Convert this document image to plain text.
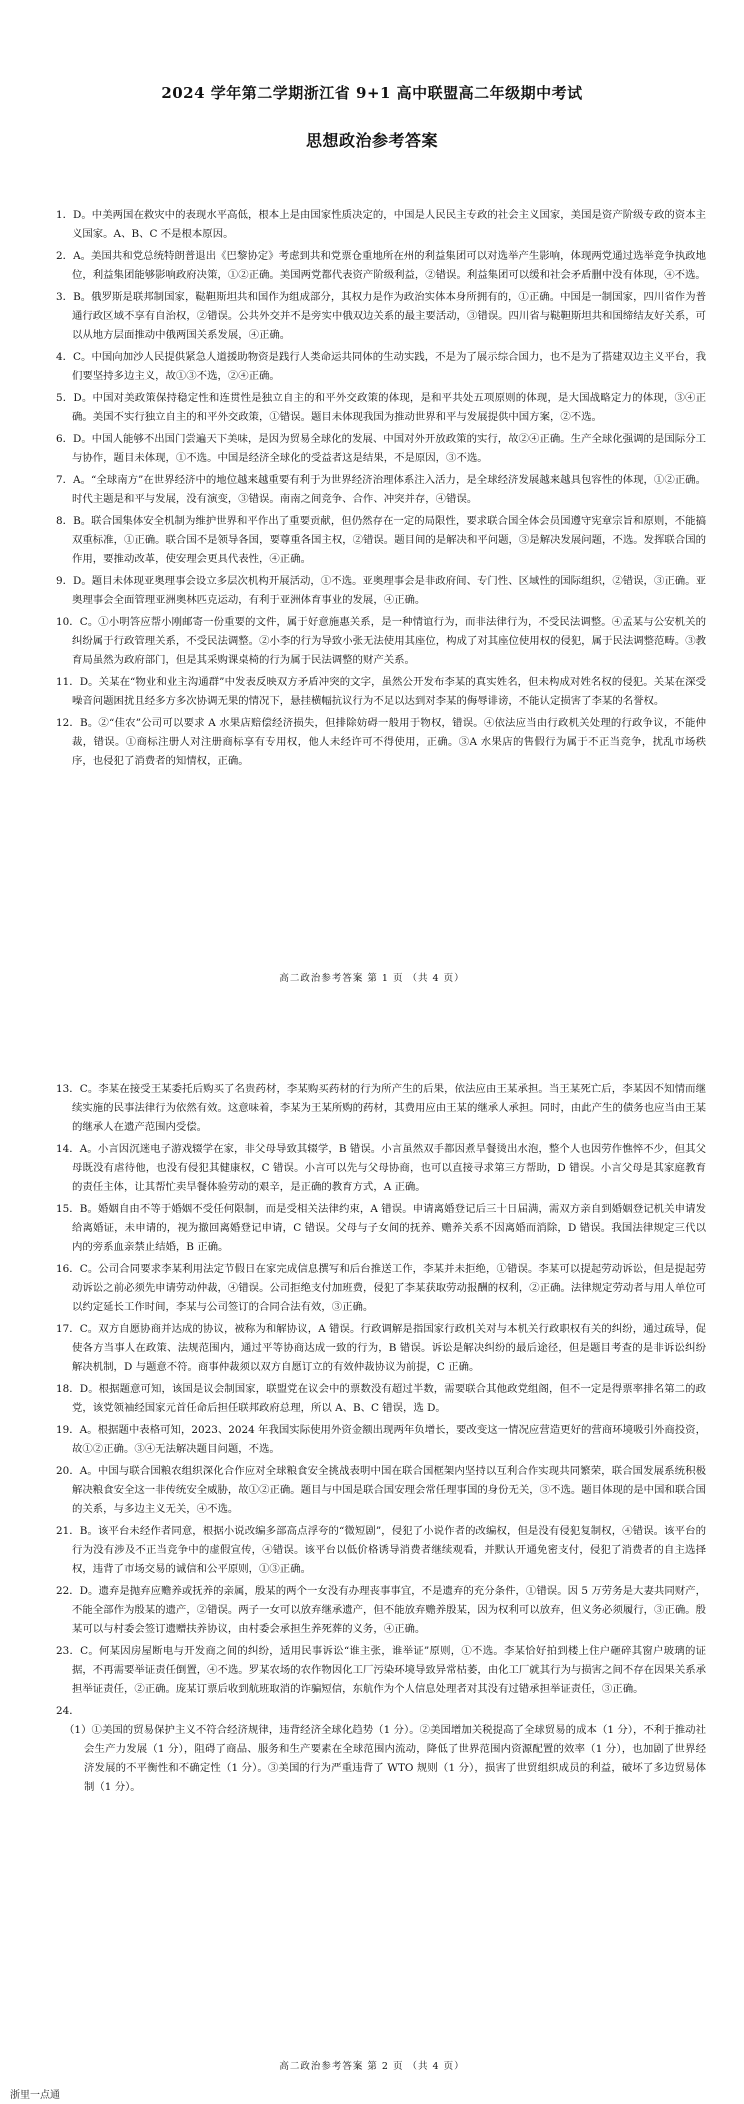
2024 学年第二学期浙江省 9+1 高中联盟高二年级期中考试
思想政治参考答案

1．D。中美两国在救灾中的表现水平高低，根本上是由国家性质决定的，中国是人民民主专政的社会主义国家，美国是资产阶级专政的资本主义国家。A、B、C 不是根本原因。

2．A。美国共和党总统特朗普退出《巴黎协定》考虑到共和党票仓重地所在州的利益集团可以对选举产生影响，体现两党通过选举竞争执政地位，利益集团能够影响政府决策，①②正确。美国两党都代表资产阶级利益，②错误。利益集团可以缓和社会矛盾删中没有体现，④不选。

3．B。俄罗斯是联邦制国家，鞑靼斯坦共和国作为组成部分，其权力是作为政治实体本身所拥有的，①正确。中国是一制国家，四川省作为普通行政区域不享有自治权，②错误。公共外交并不是旁实中俄双边关系的最主要活动，③错误。四川省与鞑靼斯坦共和国缔结友好关系，可以从地方层面推动中俄两国关系发展，④正确。

4．C。中国向加沙人民提供紧急人道援助物资是践行人类命运共同体的生动实践，不是为了展示综合国力，也不是为了搭建双边主义平台，我们要坚持多边主义，故①③不选，②④正确。

5．D。中国对美政策保持稳定性和连贯性是独立自主的和平外交政策的体现，是和平共处五项原则的体现，是大国战略定力的体现，③④正确。美国不实行独立自主的和平外交政策，①错误。题目未体现我国为推动世界和平与发展提供中国方案，②不选。

6．D。中国人能够不出国门尝遍天下美味，是因为贸易全球化的发展、中国对外开放政策的实行，故②④正确。生产全球化强调的是国际分工与协作，题目未体现，①不选。中国是经济全球化的受益者这是结果，不是原因，③不选。

7．A。“全球南方”在世界经济中的地位越来越重要有利于为世界经济治理体系注入活力，是全球经济发展越来越具包容性的体现，①②正确。时代主题是和平与发展，没有演变，③错误。南南之间竞争、合作、冲突并存，④错误。

8．B。联合国集体安全机制为维护世界和平作出了重要贡献，但仍然存在一定的局限性，要求联合国全体会员国遵守宪章宗旨和原则，不能搞双重标准，①正确。联合国不是领导各国，要尊重各国主权，②错误。题目间的是解决和平问题，③是解决发展问题，不选。发挥联合国的作用，要推动改革，使安理会更具代表性，④正确。

9．D。题目未体现亚奥理事会设立多层次机构开展活动，①不选。亚奥理事会是非政府间、专门性、区域性的国际组织，②错误，③正确。亚奥理事会全面管理亚洲奥林匹克运动，有利于亚洲体育事业的发展，④正确。

10．C。①小明答应帮小刚邮寄一份重要的文件，属于好意施惠关系，是一种情谊行为，而非法律行为，不受民法调整。④孟某与公安机关的纠纷属于行政管理关系，不受民法调整。②小李的行为导致小张无法使用其座位，构成了对其座位使用权的侵犯，属于民法调整范畴。③教育局虽然为政府部门，但是其采购课桌椅的行为属于民法调整的财产关系。

11．D。关某在“物业和业主沟通群”中发表反映双方矛盾冲突的文字，虽然公开发布李某的真实姓名，但未构成对姓名权的侵犯。关某在深受噪音问题困扰且经多方多次协调无果的情况下，悬挂横幅抗议行为不足以达到对李某的侮辱诽谤，不能认定损害了李某的名誉权。

12．B。②“佳农”公司可以要求 A 水果店赔偿经济损失，但排除妨碍一般用于物权，错误。④依法应当由行政机关处理的行政争议，不能仲裁，错误。①商标注册人对注册商标享有专用权，他人未经许可不得使用，正确。③A 水果店的售假行为属于不正当竞争，扰乱市场秩序，也侵犯了消费者的知情权，正确。

高二政治参考答案 第 1 页 （共 4 页）

13．C。李某在接受王某委托后购买了名贵药材，李某购买药材的行为所产生的后果，依法应由王某承担。当王某死亡后，李某因不知情而继续实施的民事法律行为依然有效。这意味着，李某为王某所购的药材，其费用应由王某的继承人承担。同时，由此产生的债务也应当由王某的继承人在遗产范围内受偿。

14．A。小言因沉迷电子游戏辍学在家，非父母导致其辍学，B 错误。小言虽然双手都因煮旱餐烫出水泡，整个人也因劳作憔悴不少，但其父母既没有虐待他，也没有侵犯其健康权，C 错误。小言可以先与父母协商，也可以直接寻求第三方帮助，D 错误。小言父母是其家庭教育的责任主体，让其帮忙卖旱餐体验劳动的艰辛，是正确的教育方式，A 正确。

15．B。婚姻自由不等于婚姻不受任何限制，而是受相关法律约束，A 错误。申请离婚登记后三十日届满，需双方亲自到婚姻登记机关申请发给离婚证，未申请的，视为撤回离婚登记申请，C 错误。父母与子女间的抚养、赡养关系不因离婚而消除，D 错误。我国法律规定三代以内的旁系血亲禁止结婚，B 正确。

16．C。公司合同要求李某利用法定节假日在家完成信息撰写和后台推送工作，李某并未拒绝，①错误。李某可以提起劳动诉讼，但是提起劳动诉讼之前必须先申请劳动仲裁，④错误。公司拒绝支付加班费，侵犯了李某获取劳动报酬的权利，②正确。法律规定劳动者与用人单位可以约定延长工作时间，李某与公司签订的合同合法有效，③正确。

17．C。双方自愿协商并达成的协议，被称为和解协议，A 错误。行政调解是指国家行政机关对与本机关行政职权有关的纠纷，通过疏导，促使各方当事人在政策、法规范围内，通过平等协商达成一致的行为，B 错误。诉讼是解决纠纷的最后途径，但是题目考查的是非诉讼纠纷解决机制，D 与题意不符。商事仲裁须以双方自愿订立的有效仲裁协议为前提，C 正确。

18．D。根据题意可知，该国是议会制国家，联盟党在议会中的票数没有超过半数，需要联合其他政党组阁，但不一定是得票率排名第二的政党，该党领袖经国家元首任命后担任联邦政府总理，所以 A、B、C 错误，选 D。

19．A。根据题中表格可知，2023、2024 年我国实际使用外资金额出现两年负增长，要改变这一情况应营造更好的营商环境吸引外商投资，故①②正确。③④无法解决题目问题，不选。

20．A。中国与联合国粮农组织深化合作应对全球粮食安全挑战表明中国在联合国框架内坚持以互利合作实现共同繁荣，联合国发展系统积极解决粮食安全这一非传统安全威胁，故①②正确。题目与中国是联合国安理会常任理事国的身份无关，③不选。题目体现的是中国和联合国的关系，与多边主义无关，④不选。

21．B。该平台未经作者同意，根据小说改编多部高点浮夸的“微短剧”，侵犯了小说作者的改编权，但是没有侵犯复制权，④错误。该平台的行为没有涉及不正当竞争中的虚假宣传，④错误。该平台以低价格诱导消费者继续观看，并默认开通免密支付，侵犯了消费者的自主选择权，违背了市场交易的诚信和公平原则，①③正确。

22．D。遗弃是抛弃应赡养或抚养的亲属，殷某的两个一女没有办理丧事事宜，不是遗弃的充分条件，①错误。因 5 万劳务是大妻共同财产，不能全部作为殷某的遗产，②错误。两子一女可以放弃继承遗产，但不能放弃赡养殷某，因为权利可以放弃，但义务必须履行，③正确。殷某可以与村委会签订遗赠扶养协议，由村委会承担生养死葬的义务，④正确。

23．C。何某因房屋断电与开发商之间的纠纷，适用民事诉讼“谁主张，谁举证”原则，①不选。李某恰好拍到楼上住户砸碎其窗户玻璃的证据，不再需要举证责任倒置，④不选。罗某农场的农作物因化工厂污染环境导致异常枯萎，由化工厂就其行为与损害之间不存在因果关系承担举证责任，②正确。庞某订票后收到航班取消的诈骗短信，东航作为个人信息处理者对其没有过错承担举证责任，③正确。

24．

（1）①美国的贸易保护主义不符合经济规律，违背经济全球化趋势（1 分）。②美国增加关税提高了全球贸易的成本（1 分），不利于推动社会生产力发展（1 分），阻碍了商品、服务和生产要素在全球范围内流动，降低了世界范围内资源配置的效率（1 分），也加剧了世界经济发展的不平衡性和不确定性（1 分）。③美国的行为严重违背了 WTO 规则（1 分），损害了世贸组织成员的利益，破坏了多边贸易体制（1 分）。

高二政治参考答案 第 2 页 （共 4 页）
浙里一点通
